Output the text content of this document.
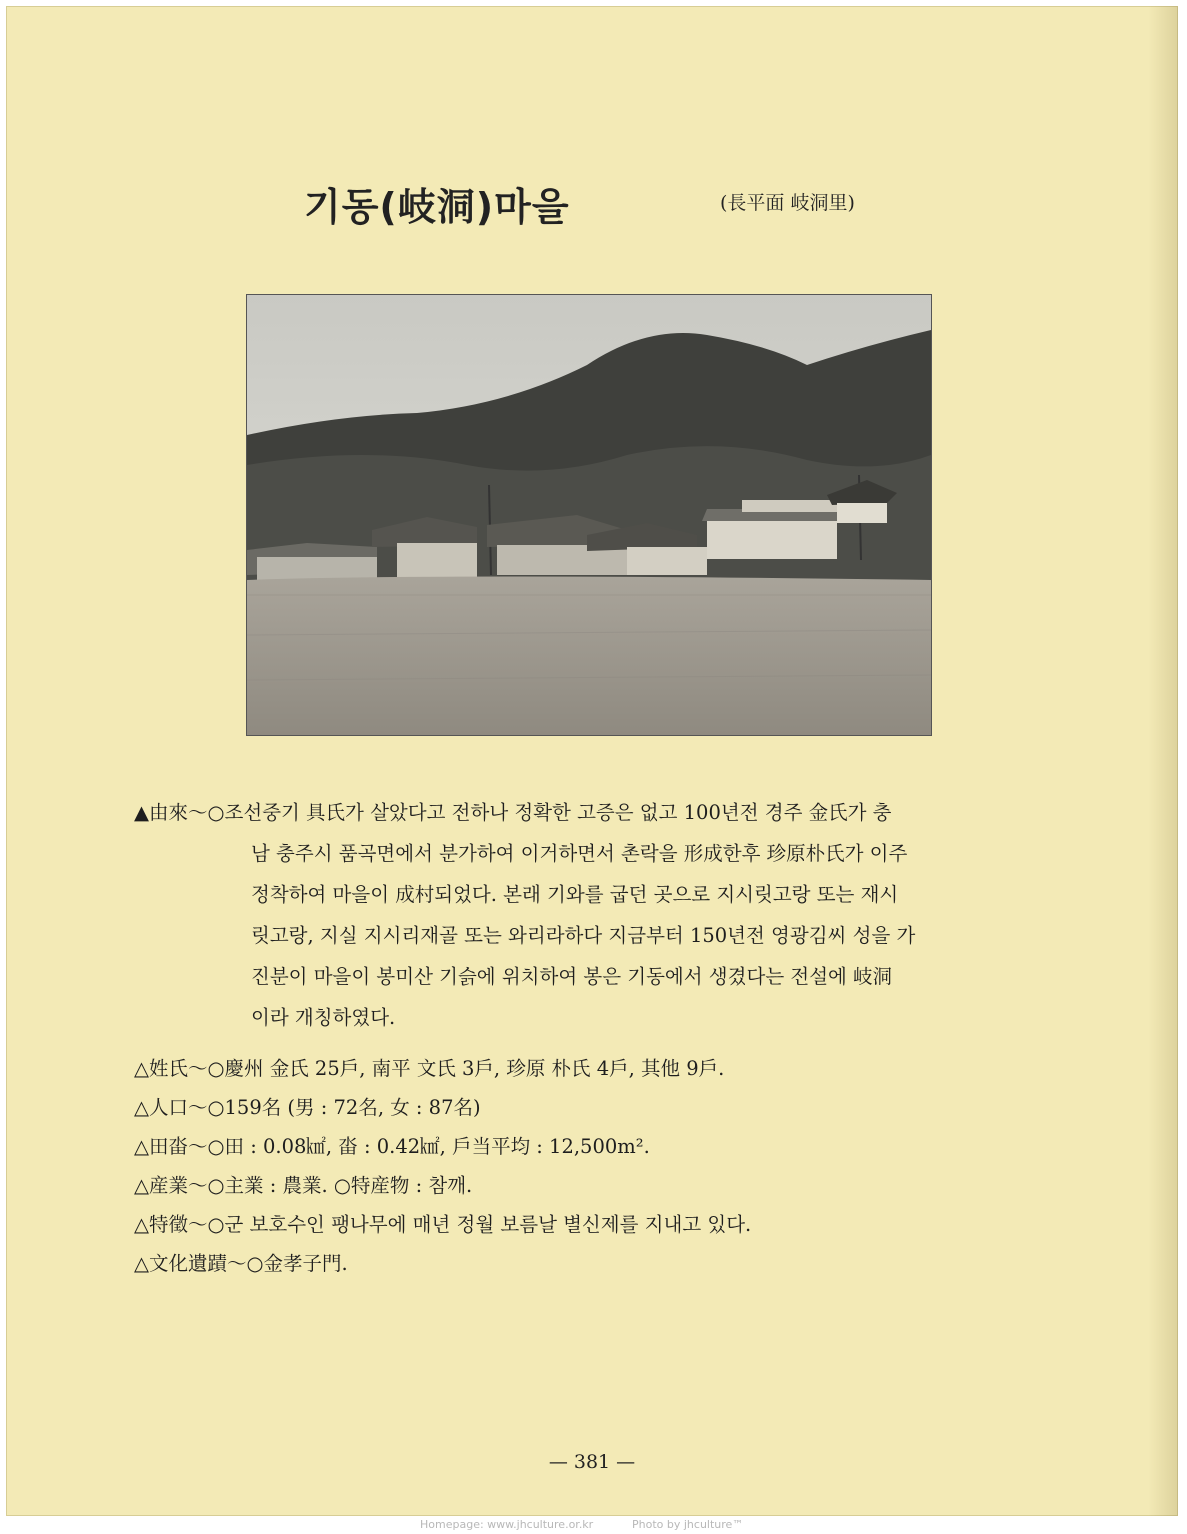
기동(岐洞)마을	(長平面 岐洞里)
▲由來～○조선중기 具氏가 살았다고 전하나 정확한 고증은 없고 100년전 경주 金氏가 충
남 충주시 품곡면에서 분가하여 이거하면서 촌락을 形成한후 珍原朴氏가 이주
정착하여 마을이 成村되었다. 본래 기와를 굽던 곳으로 지시릿고랑 또는 재시
릿고랑, 지실 지시리재골 또는 와리라하다 지금부터 150년전 영광김씨 성을 가
진분이 마을이 봉미산 기슭에 위치하여 봉은 기동에서 생겼다는 전설에 岐洞
이라 개칭하였다.
△姓氏～ ○慶州 金氏 25戶, 南平 文氏 3戶, 珍原 朴氏 4戶, 其他 9戶.
△人口～ ○159名 (男 : 72名, 女 : 87名)
△田畓～ ○田 : 0.08㎢, 畓 : 0.42㎢, 戶当平均 : 12,500m².
△産業～ ○主業 : 農業. ○特産物 : 참깨.
△特徵～ ○군 보호수인 팽나무에 매년 정월 보름날 별신제를 지내고 있다.
△文化遺蹟～ ○金孝子門.
— 381 —
Homepage: www.jhculture.or.kr	Photo by jhculture™
